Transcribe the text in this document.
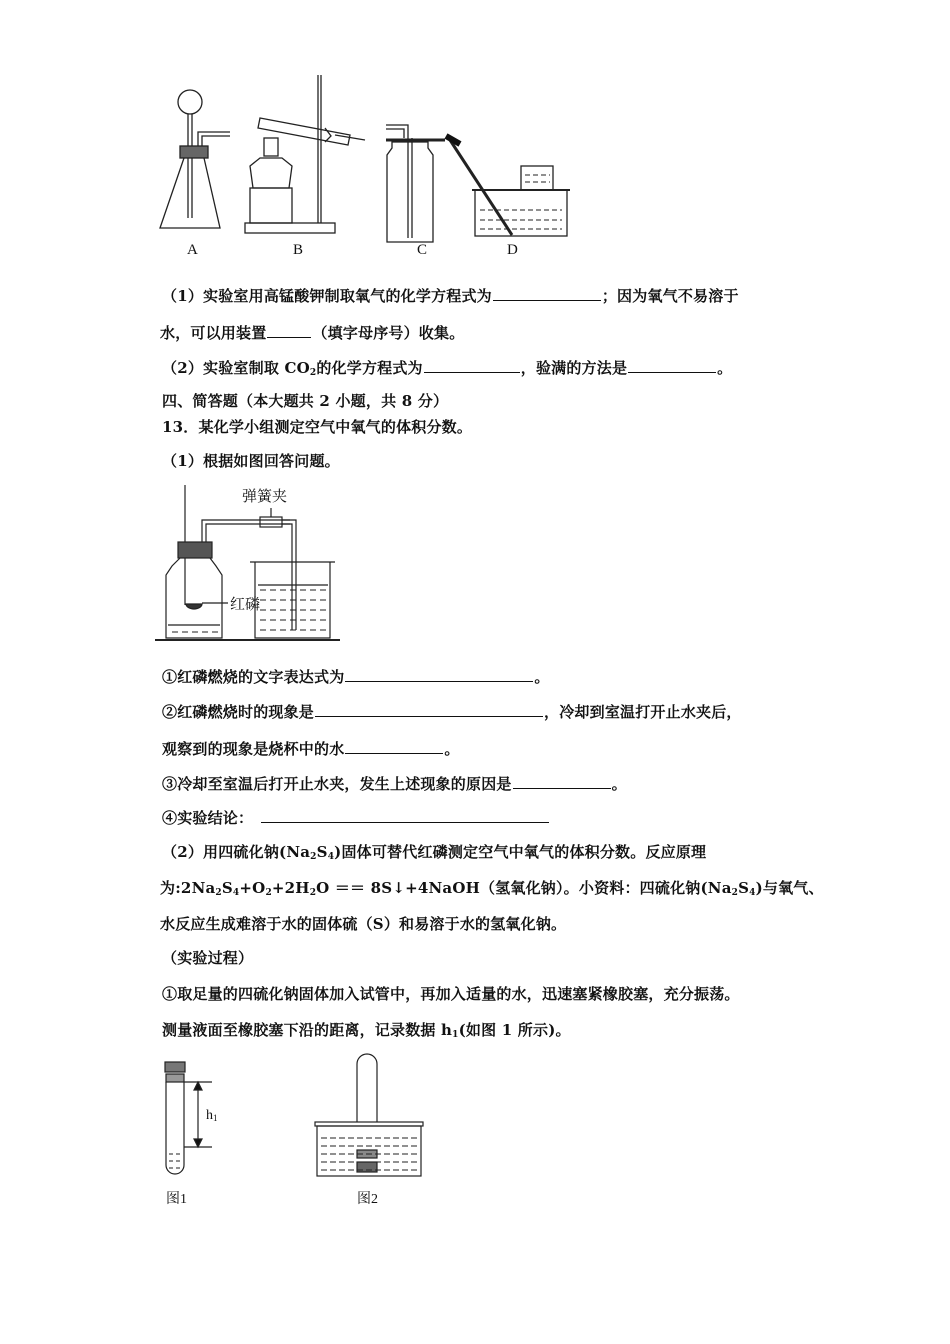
A	B	C	D
（1）实验室用高锰酸钾制取氧气的化学方程式为	；因为氧气不易溶于
水，可以用装置	（填字母序号）收集。
（2）实验室制取 $CO_2$的化学方程式为	，验满的方法是	。
四、简答题（本大题共 2 小题，共 8 分）
13．某化学小组测定空气中氧气的体积分数。
（1）根据如图回答问题。
弹簧夹
红磷
①红磷燃烧的文字表达式为	。
②红磷燃烧时的现象是	，冷却到室温打开止水夹后，
观察到的现象是烧杯中的水	。
③冷却至室温后打开止水夹，发生上述现象的原因是	。
④实验结论：
（2）用四硫化钠$(Na_2S_4)$固体可替代红磷测定空气中氧气的体积分数。反应原理
为$:2Na_2S_4+O_2+2H_2O$ ＝＝ 8S↓+4NaOH（氢氧化钠）。小资料：四硫化钠$(Na_2S_4)$与氧气、
水反应生成难溶于水的固体硫（S）和易溶于水的氢氧化钠。
（实验过程）
①取足量的四硫化钠固体加入试管中，再加入适量的水，迅速塞紧橡胶塞，充分振荡。
测量液面至橡胶塞下沿的距离，记录数据 $h_1$(如图 1 所示)。
$h_1$
图1	图2
